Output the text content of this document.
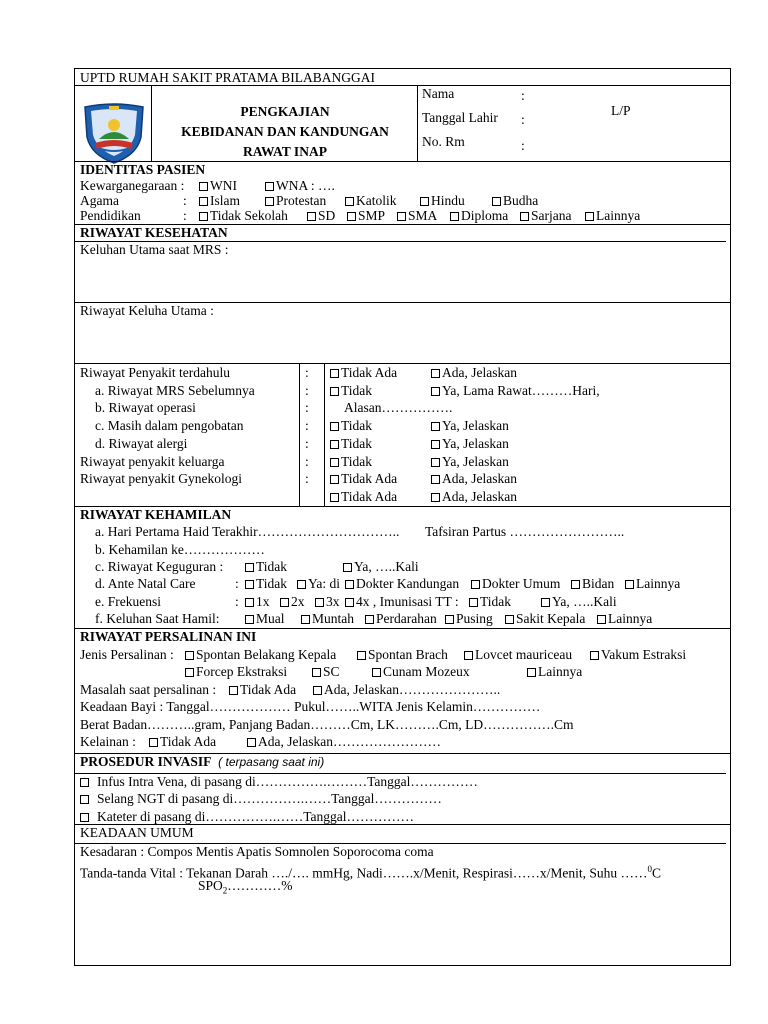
UPTD RUMAH SAKIT PRATAMA BILABANGGAI
PENGKAJIAN
KEBIDANAN DAN KANDUNGAN
RAWAT INAP
Nama	:
Tanggal Lahir :
No. Rm	:
L/P
IDENTITAS PASIEN
Kewarganegaraan :	WNI	WNA : ….
Agama	:	Islam	Protestan	Katolik	Hindu	Budha
Pendidikan	:	Tidak Sekolah	SD	SMP	SMA	Diploma	Sarjana	Lainnya
RIWAYAT KESEHATAN
Keluhan Utama saat MRS :
Riwayat Keluha Utama :
Riwayat Penyakit terdahulu	:	Tidak Ada	Ada, Jelaskan
a. Riwayat MRS Sebelumnya	:	Tidak	Ya, Lama Rawat………Hari,
b. Riwayat operasi	:	Alasan…………….
c. Masih dalam pengobatan	:	Tidak	Ya, Jelaskan
d. Riwayat alergi	:	Tidak	Ya, Jelaskan
Riwayat penyakit keluarga	:	Tidak	Ya, Jelaskan
Riwayat penyakit Gynekologi	:	Tidak Ada	Ada, Jelaskan
Tidak Ada	Ada, Jelaskan
RIWAYAT KEHAMILAN
a. Hari Pertama Haid Terakhir………………………….. Tafsiran Partus ……………………..
b. Kehamilan ke………………
c. Riwayat Keguguran :	Tidak	Ya, …..Kali
d. Ante Natal Care	:	Tidak	Ya: di	Dokter Kandungan	Dokter Umum	Bidan	Lainnya
e. Frekuensi	:	1x	2x	3x	4x , Imunisasi TT :	Tidak	Ya, …..Kali
f. Keluhan Saat Hamil:	Mual	Muntah	Perdarahan	Pusing	Sakit Kepala	Lainnya
RIWAYAT PERSALINAN INI
Jenis Persalinan :	Spontan Belakang Kepala	Spontan Brach	Lovcet mauriceau	Vakum Estraksi
Forcep Ekstraksi	SC	Cunam Mozeux	Lainnya
Masalah saat persalinan :	Tidak Ada	Ada, Jelaskan…………………..
Keadaan Bayi : Tanggal……………… Pukul……..WITA Jenis Kelamin……………
Berat Badan………..gram, Panjang Badan………Cm, LK……….Cm, LD…………….Cm
Kelainan :	Tidak Ada	Ada, Jelaskan……………………
PROSEDUR INVASIF ( terpasang saat ini)
Infus Intra Vena, di pasang di…………….………Tanggal……………
Selang NGT di pasang di…………….……Tanggal……………
Kateter di pasang di…………….……Tanggal……………
KEADAAN UMUM
Kesadaran : Compos Mentis Apatis Somnolen Soporocoma coma
Tanda-tanda Vital : Tekanan Darah …./…. mmHg, Nadi…….x/Menit, Respirasi……x/Menit, Suhu ……$^0$C
$SPO_2\dots\dots\dots\dots\%$
